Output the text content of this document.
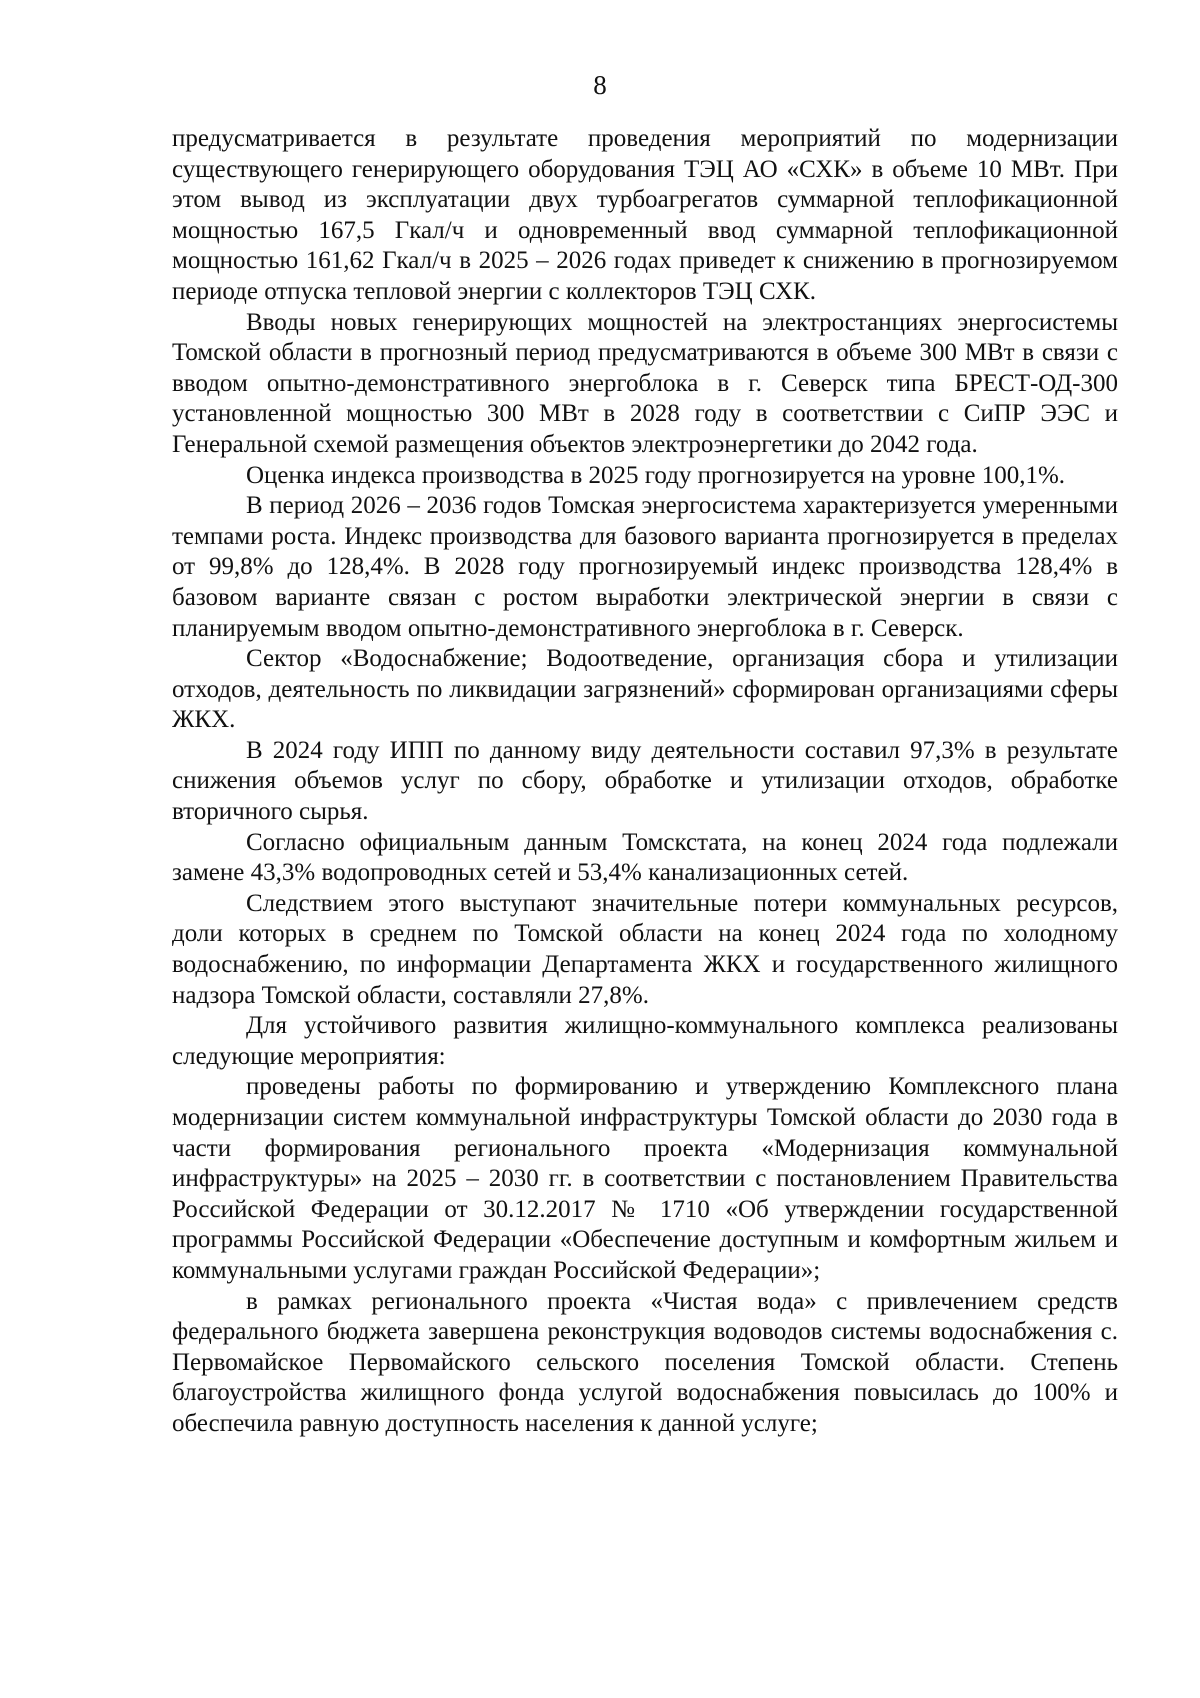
8

предусматривается в результате проведения мероприятий по модернизации существующего генерирующего оборудования ТЭЦ АО «СХК» в объеме 10 МВт. При этом вывод из эксплуатации двух турбоагрегатов суммарной теплофикационной мощностью 167,5 Гкал/ч и одновременный ввод суммарной теплофикационной мощностью 161,62 Гкал/ч в 2025 – 2026 годах приведет к снижению в прогнозируемом периоде отпуска тепловой энергии с коллекторов ТЭЦ СХК.

Вводы новых генерирующих мощностей на электростанциях энергосистемы Томской области в прогнозный период предусматриваются в объеме 300 МВт в связи с вводом опытно-демонстративного энергоблока в г. Северск типа БРЕСТ-ОД-300 установленной мощностью 300 МВт в 2028 году в соответствии с СиПР ЭЭС и Генеральной схемой размещения объектов электроэнергетики до 2042 года.

Оценка индекса производства в 2025 году прогнозируется на уровне 100,1%.

В период 2026 – 2036 годов Томская энергосистема характеризуется умеренными темпами роста. Индекс производства для базового варианта прогнозируется в пределах от 99,8% до 128,4%. В 2028 году прогнозируемый индекс производства 128,4% в базовом варианте связан с ростом выработки электрической энергии в связи с планируемым вводом опытно-демонстративного энергоблока в г. Северск.

Сектор «Водоснабжение; Водоотведение, организация сбора и утилизации отходов, деятельность по ликвидации загрязнений» сформирован организациями сферы ЖКХ.

В 2024 году ИПП по данному виду деятельности составил 97,3% в результате снижения объемов услуг по сбору, обработке и утилизации отходов, обработке вторичного сырья.

Согласно официальным данным Томскстата, на конец 2024 года подлежали замене 43,3% водопроводных сетей и 53,4% канализационных сетей.

Следствием этого выступают значительные потери коммунальных ресурсов, доли которых в среднем по Томской области на конец 2024 года по холодному водоснабжению, по информации Департамента ЖКХ и государственного жилищного надзора Томской области, составляли 27,8%.

Для устойчивого развития жилищно-коммунального комплекса реализованы следующие мероприятия:

проведены работы по формированию и утверждению Комплексного плана модернизации систем коммунальной инфраструктуры Томской области до 2030 года в части формирования регионального проекта «Модернизация коммунальной инфраструктуры» на 2025 – 2030 гг. в соответствии с постановлением Правительства Российской Федерации от 30.12.2017 № 1710 «Об утверждении государственной программы Российской Федерации «Обеспечение доступным и комфортным жильем и коммунальными услугами граждан Российской Федерации»;

в рамках регионального проекта «Чистая вода» с привлечением средств федерального бюджета завершена реконструкция водоводов системы водоснабжения с. Первомайское Первомайского сельского поселения Томской области. Степень благоустройства жилищного фонда услугой водоснабжения повысилась до 100% и обеспечила равную доступность населения к данной услуге;
